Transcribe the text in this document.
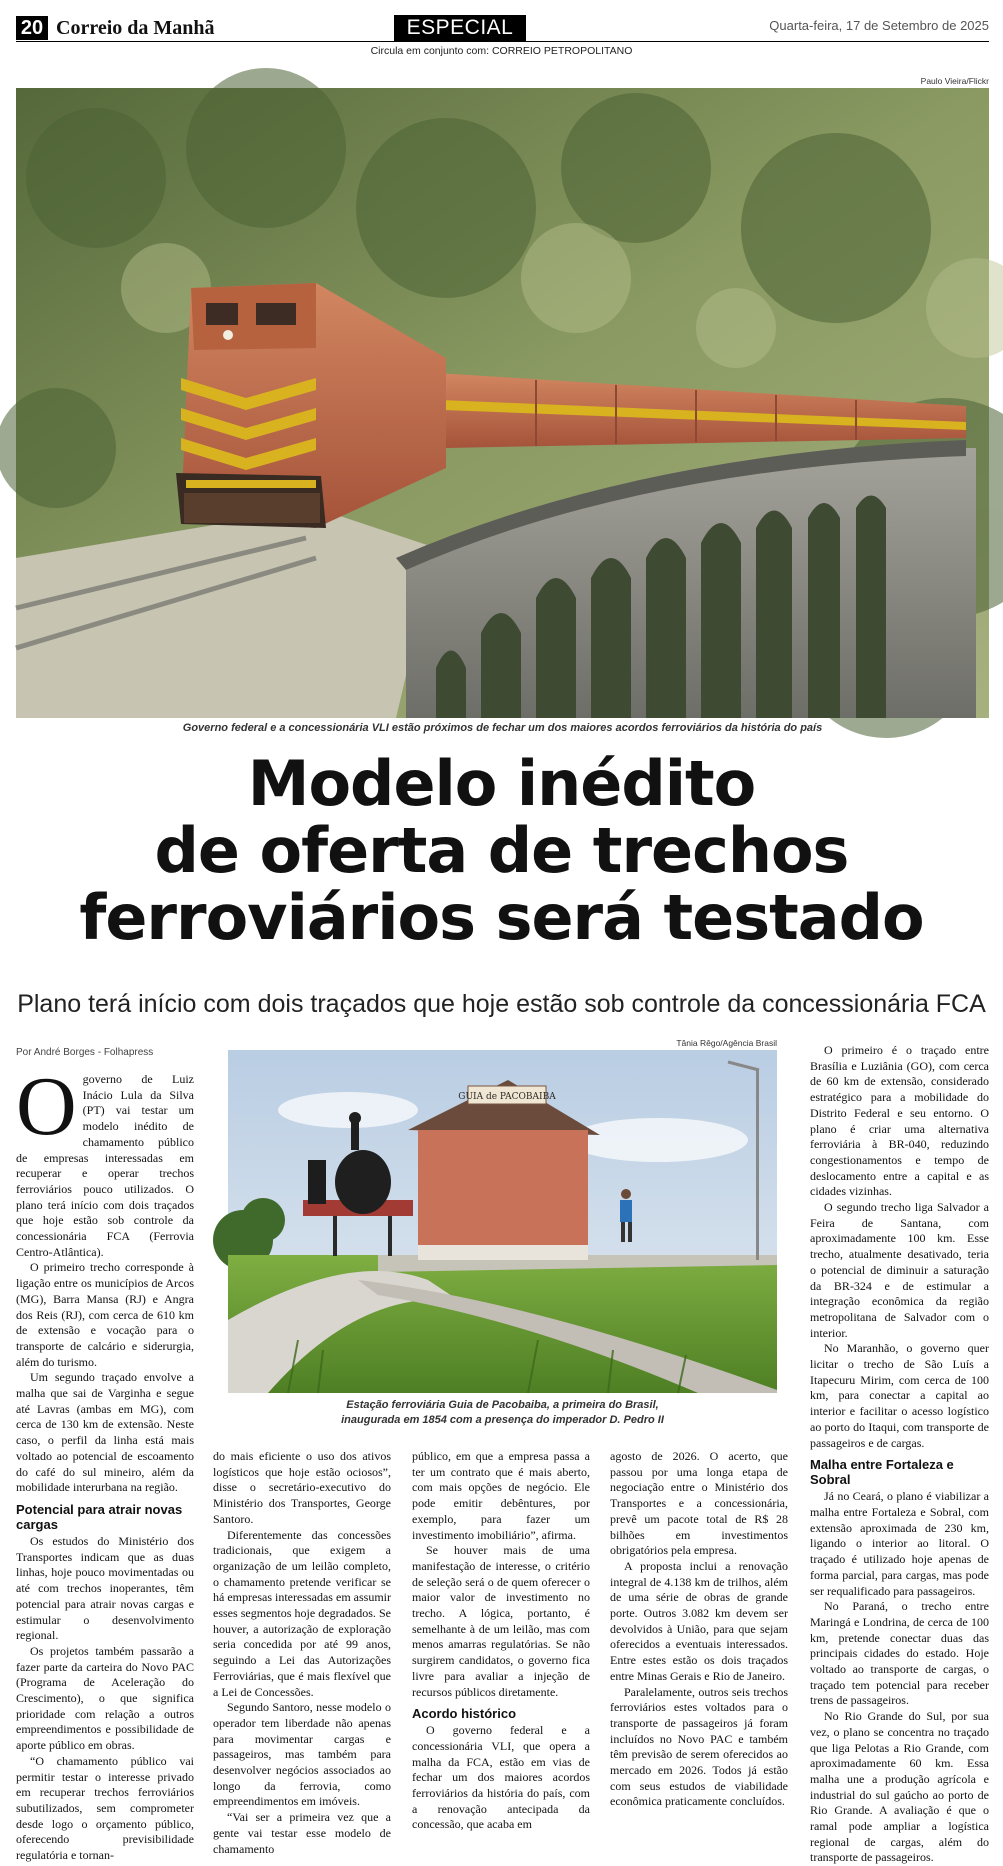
20 Correio da Manhã	ESPECIAL	Quarta-feira, 17 de Setembro de 2025
Circula em conjunto com: CORREIO PETROPOLITANO
Paulo Vieira/Flickr
Governo federal e a concessionária VLI estão próximos de fechar um dos maiores acordos ferroviários da história do país
Modelo inédito
de oferta de trechos
ferroviários será testado
Plano terá início com dois traçados que hoje estão sob controle da concessionária FCA
Por André Borges - Folhapress
Tânia Rêgo/Agência Brasil
GUIA de PACOBAIBA
Estação ferroviária Guia de Pacobaiba, a primeira do Brasil,
inaugurada em 1854 com a presença do imperador D. Pedro II

Ogoverno de Luiz Inácio Lula da Silva (PT) vai testar um modelo inédito de chamamento público de empresas interessadas em recuperar e operar trechos ferroviários pouco utilizados. O plano terá início com dois traçados que hoje estão sob controle da concessionária FCA (Ferrovia Centro-Atlântica).

O primeiro trecho corresponde à ligação entre os municípios de Arcos (MG), Barra Mansa (RJ) e Angra dos Reis (RJ), com cerca de 610 km de extensão e vocação para o transporte de calcário e siderurgia, além do turismo.

Um segundo traçado envolve a malha que sai de Varginha e segue até Lavras (ambas em MG), com cerca de 130 km de extensão. Neste caso, o perfil da linha está mais voltado ao potencial de escoamento do café do sul mineiro, além da mobilidade interurbana na região.

Potencial para atrair novas cargas

Os estudos do Ministério dos Transportes indicam que as duas linhas, hoje pouco movimentadas ou até com trechos inoperantes, têm potencial para atrair novas cargas e estimular o desenvolvimento regional.

Os projetos também passarão a fazer parte da carteira do Novo PAC (Programa de Aceleração do Crescimento), o que significa prioridade com relação a outros empreendimentos e possibilidade de aporte público em obras.

“O chamamento público vai permitir testar o interesse privado em recuperar trechos ferroviários subutilizados, sem comprometer desde logo o orçamento público, oferecendo previsibilidade regulatória e tornan-

do mais eficiente o uso dos ativos logísticos que hoje estão ociosos”, disse o secretário-executivo do Ministério dos Transportes, George Santoro.

Diferentemente das concessões tradicionais, que exigem a organização de um leilão completo, o chamamento pretende verificar se há empresas interessadas em assumir esses segmentos hoje degradados. Se houver, a autorização de exploração seria concedida por até 99 anos, seguindo a Lei das Autorizações Ferroviárias, que é mais flexível que a Lei de Concessões.

Segundo Santoro, nesse modelo o operador tem liberdade não apenas para movimentar cargas e passageiros, mas também para desenvolver negócios associados ao longo da ferrovia, como empreendimentos em imóveis.

“Vai ser a primeira vez que a gente vai testar esse modelo de chamamento

público, em que a empresa passa a ter um contrato que é mais aberto, com mais opções de negócio. Ele pode emitir debêntures, por exemplo, para fazer um investimento imobiliário”, afirma.

Se houver mais de uma manifestação de interesse, o critério de seleção será o de quem oferecer o maior valor de investimento no trecho. A lógica, portanto, é semelhante à de um leilão, mas com menos amarras regulatórias. Se não surgirem candidatos, o governo fica livre para avaliar a injeção de recursos públicos diretamente.

Acordo histórico

O governo federal e a concessionária VLI, que opera a malha da FCA, estão em vias de fechar um dos maiores acordos ferroviários da história do país, com a renovação antecipada da concessão, que acaba em

agosto de 2026. O acerto, que passou por uma longa etapa de negociação entre o Ministério dos Transportes e a concessionária, prevê um pacote total de R$ 28 bilhões em investimentos obrigatórios pela empresa.

A proposta inclui a renovação integral de 4.138 km de trilhos, além de uma série de obras de grande porte. Outros 3.082 km devem ser devolvidos à União, para que sejam oferecidos a eventuais interessados. Entre estes estão os dois traçados entre Minas Gerais e Rio de Janeiro.

Paralelamente, outros seis trechos ferroviários estes voltados para o transporte de passageiros já foram incluídos no Novo PAC e também têm previsão de serem oferecidos ao mercado em 2026. Todos já estão com seus estudos de viabilidade econômica praticamente concluídos.

O primeiro é o traçado entre Brasília e Luziânia (GO), com cerca de 60 km de extensão, considerado estratégico para a mobilidade do Distrito Federal e seu entorno. O plano é criar uma alternativa ferroviária à BR-040, reduzindo congestionamentos e tempo de deslocamento entre a capital e as cidades vizinhas.

O segundo trecho liga Salvador a Feira de Santana, com aproximadamente 100 km. Esse trecho, atualmente desativado, teria o potencial de diminuir a saturação da BR-324 e de estimular a integração econômica da região metropolitana de Salvador com o interior.

No Maranhão, o governo quer licitar o trecho de São Luís a Itapecuru Mirim, com cerca de 100 km, para conectar a capital ao interior e facilitar o acesso logístico ao porto do Itaqui, com transporte de passageiros e de cargas.

Malha entre Fortaleza e Sobral

Já no Ceará, o plano é viabilizar a malha entre Fortaleza e Sobral, com extensão aproximada de 230 km, ligando o interior ao litoral. O traçado é utilizado hoje apenas de forma parcial, para cargas, mas pode ser requalificado para passageiros.

No Paraná, o trecho entre Maringá e Londrina, de cerca de 100 km, pretende conectar duas das principais cidades do estado. Hoje voltado ao transporte de cargas, o traçado tem potencial para receber trens de passageiros.

No Rio Grande do Sul, por sua vez, o plano se concentra no traçado que liga Pelotas a Rio Grande, com aproximadamente 60 km. Essa malha une a produção agrícola e industrial do sul gaúcho ao porto de Rio Grande. A avaliação é que o ramal pode ampliar a logística regional de cargas, além do transporte de passageiros.
